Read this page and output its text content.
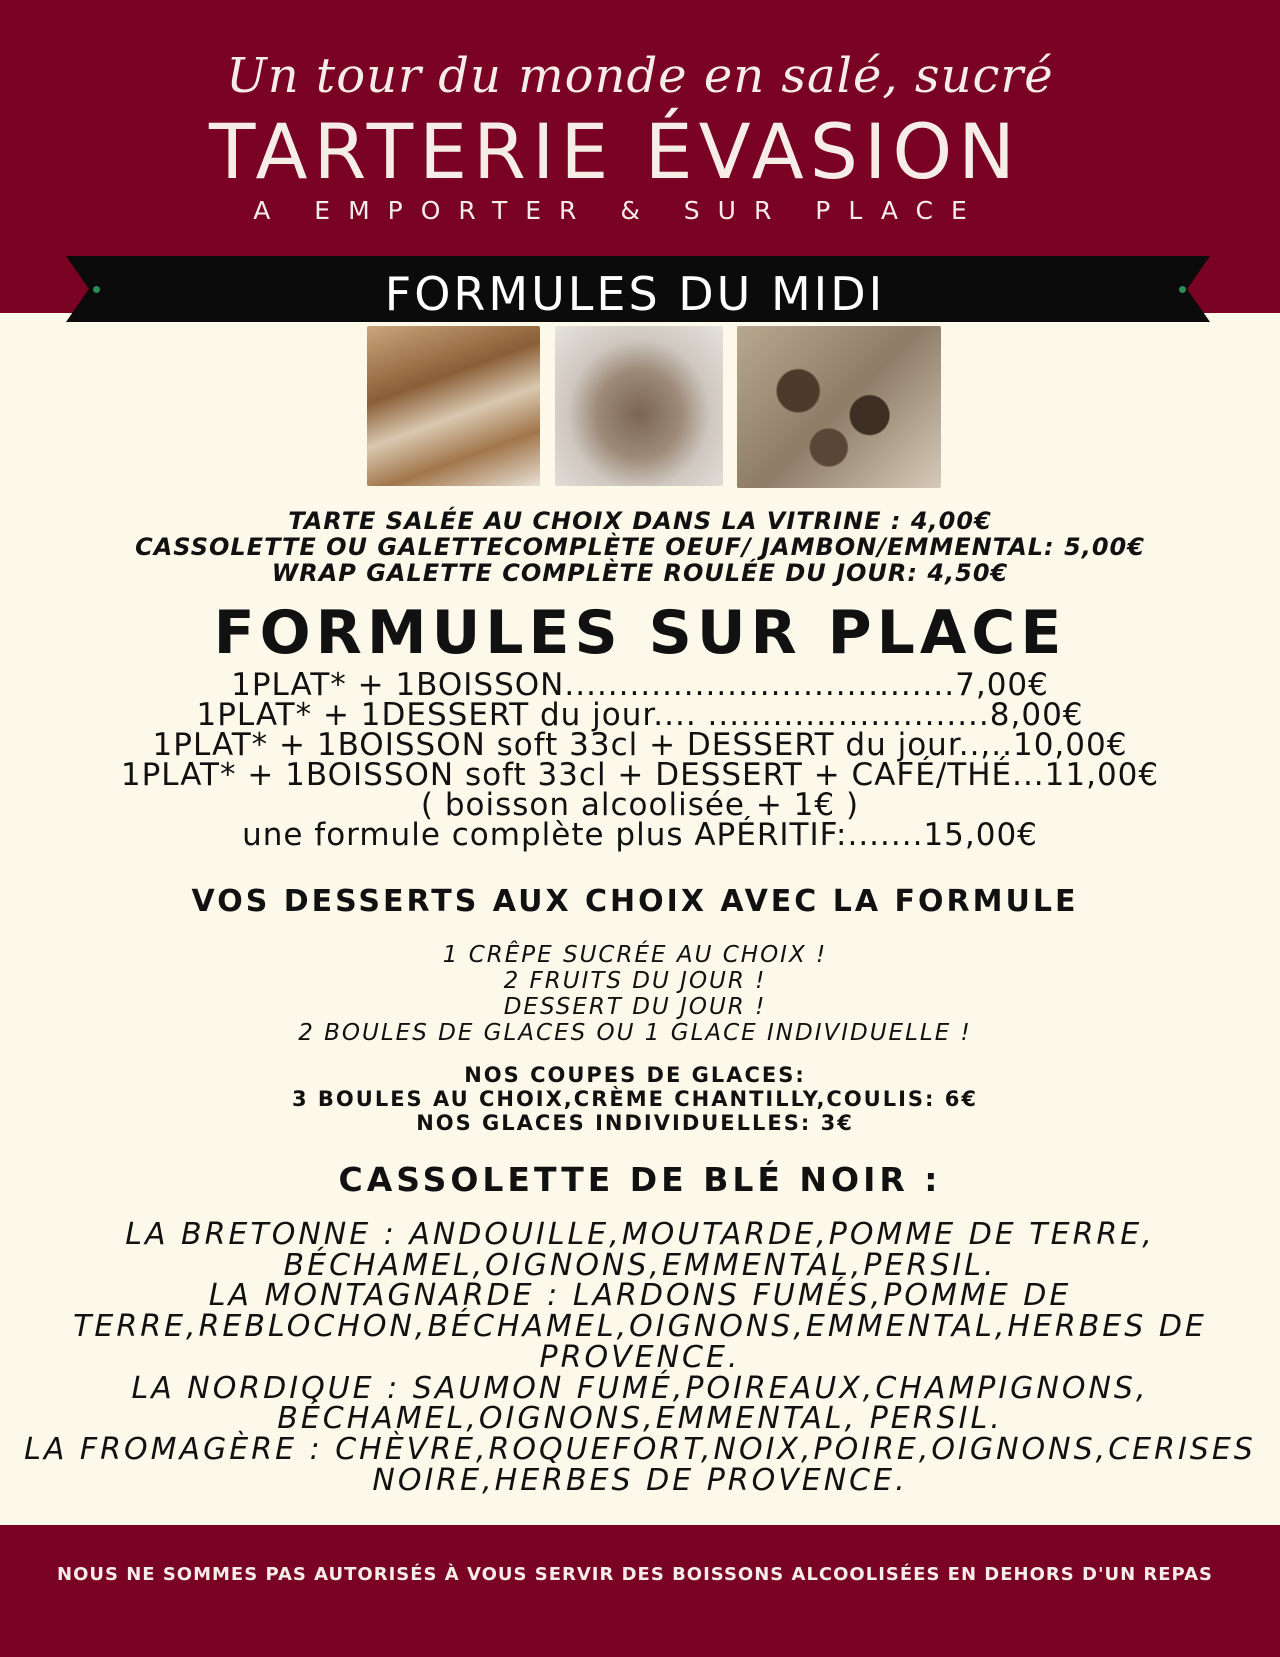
Un tour du monde en salé, sucré
TARTERIE ÉVASION
A EMPORTER & SUR PLACE
FORMULES DU MIDI
TARTE SALÉE AU CHOIX DANS LA VITRINE : 4,00€
CASSOLETTE OU GALETTECOMPLÈTE OEUF/ JAMBON/EMMENTAL: 5,00€
WRAP GALETTE COMPLÈTE ROULÉE DU JOUR: 4,50€
FORMULES SUR PLACE
1PLAT* + 1BOISSON....................................7,00€
1PLAT* + 1DESSERT du jour.... ..........................8,00€
1PLAT* + 1BOISSON soft 33cl + DESSERT du jour..,..10,00€
1PLAT* + 1BOISSON soft 33cl + DESSERT + CAFÉ/THÉ...11,00€
( boisson alcoolisée + 1€ )
une formule complète plus APÉRITIF:.......15,00€
VOS DESSERTS AUX CHOIX AVEC LA FORMULE
1 CRÊPE SUCRÉE AU CHOIX !
2 FRUITS DU JOUR !
DESSERT DU JOUR !
2 BOULES DE GLACES OU 1 GLACE INDIVIDUELLE !
NOS COUPES DE GLACES:
3 BOULES AU CHOIX,CRÈME CHANTILLY,COULIS: 6€
NOS GLACES INDIVIDUELLES: 3€
CASSOLETTE DE BLÉ NOIR :
LA BRETONNE : ANDOUILLE,MOUTARDE,POMME DE TERRE,
BÉCHAMEL,OIGNONS,EMMENTAL,PERSIL.
LA MONTAGNARDE : LARDONS FUMÉS,POMME DE
TERRE,REBLOCHON,BÉCHAMEL,OIGNONS,EMMENTAL,HERBES DE
PROVENCE.
LA NORDIQUE : SAUMON FUMÉ,POIREAUX,CHAMPIGNONS,
BÉCHAMEL,OIGNONS,EMMENTAL, PERSIL.
LA FROMAGÈRE : CHÈVRE,ROQUEFORT,NOIX,POIRE,OIGNONS,CERISES
NOIRE,HERBES DE PROVENCE.
NOUS NE SOMMES PAS AUTORISÉS À VOUS SERVIR DES BOISSONS ALCOOLISÉES EN DEHORS D'UN REPAS
